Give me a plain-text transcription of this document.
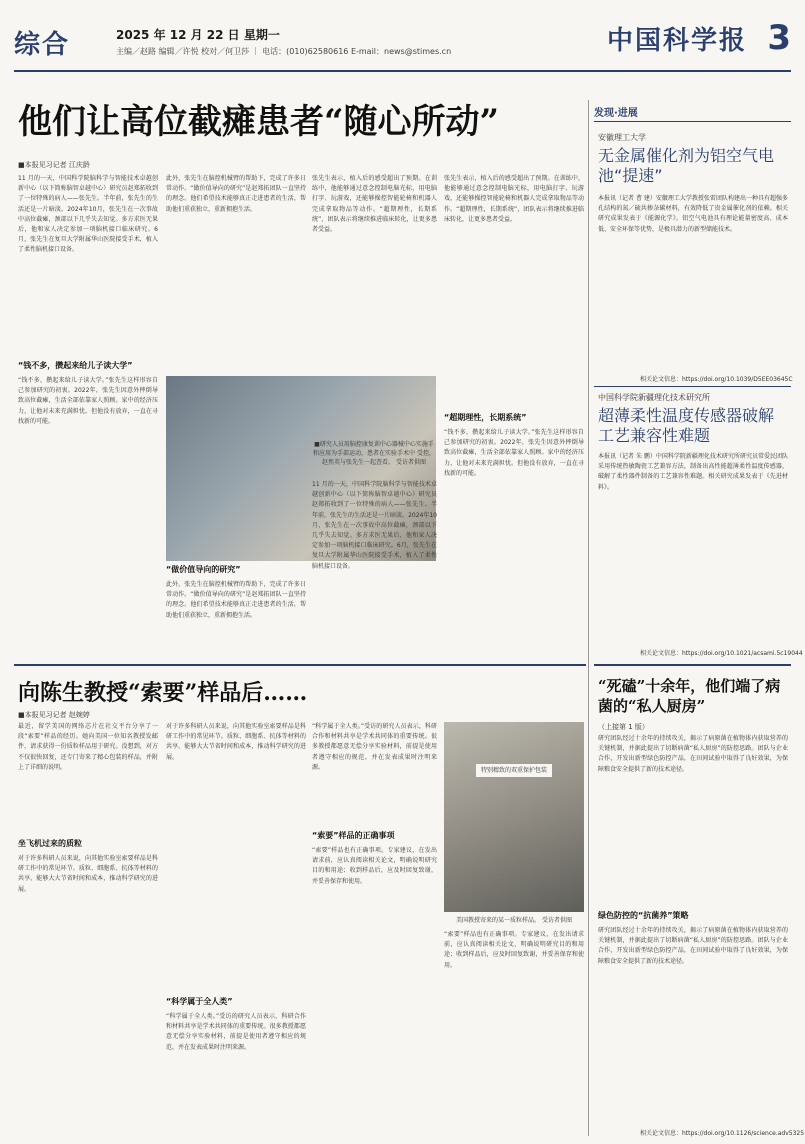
综合	2025 年 12 月 22 日 星期一
主编／赵路 编辑／许悦 校对／何卫莎 ｜ 电话：(010)62580616 E-mail：news@stimes.cn	中国科学报 3
他们让高位截瘫患者“随心所动”
■本报见习记者 江庆龄
11 月的一天，中国科学院脑科学与智能技术卓越创新中心（以下简称脑智卓越中心）研究员赵郑拓收到了一位特殊的病人——张先生。半年前，张先生的生活还是一片暗淡。2024年10月，张先生在一次事故中高位截瘫，颈部以下几乎失去知觉。多方求医无果后，他和家人决定参加一项脑机接口临床研究。6月，张先生在复旦大学附属华山医院接受手术，植入了柔性脑机接口设备。
“钱不多，攒起来给儿子读大学”
“钱不多，攒起来给儿子读大学。”张先生这样形容自己参加研究的初衷。2022年，张先生因意外摔倒导致高位截瘫，生活全部依靠家人照顾。家中的经济压力，让他对未来充满担忧。但他没有放弃，一直在寻找新的可能。
此外，张先生在脑控机械臂的帮助下，完成了许多日常动作。“做价值导向的研究”是赵郑拓团队一直坚持的理念。他们希望技术能够真正走进患者的生活，帮助他们重获独立，重新拥抱生活。
“做价值导向的研究”
此外，张先生在脑控机械臂的帮助下，完成了许多日常动作。“做价值导向的研究”是赵郑拓团队一直坚持的理念。他们希望技术能够真正走进患者的生活，帮助他们重获独立，重新拥抱生活。
■研究人员用脑控康复训中心器械中心实施手和应用为手部运动，患者在实验手术中 受控，赵然英与张先生一起查看。 受访者供图
张先生表示，植入后的感受超出了预期。在训练中，他能够通过意念控制电脑光标，用电脑打字、玩游戏，还能够操控智能轮椅和机器人完成拿取物品等动作。“超期理性，长期系统”，团队表示将继续推进临床转化，让更多患者受益。
11 月的一天，中国科学院脑科学与智能技术卓越创新中心（以下简称脑智卓越中心）研究员赵郑拓收到了一位特殊的病人——张先生。半年前，张先生的生活还是一片暗淡。2024年10月，张先生在一次事故中高位截瘫，颈部以下几乎失去知觉。多方求医无果后，他和家人决定参加一项脑机接口临床研究。6月，张先生在复旦大学附属华山医院接受手术，植入了柔性脑机接口设备。
张先生表示，植入后的感受超出了预期。在训练中，他能够通过意念控制电脑光标，用电脑打字、玩游戏，还能够操控智能轮椅和机器人完成拿取物品等动作。“超期理性，长期系统”，团队表示将继续推进临床转化，让更多患者受益。
“超期理性，长期系统”
“钱不多，攒起来给儿子读大学。”张先生这样形容自己参加研究的初衷。2022年，张先生因意外摔倒导致高位截瘫，生活全部依靠家人照顾。家中的经济压力，让他对未来充满担忧。但他没有放弃，一直在寻找新的可能。
向陈生教授“索要”样品后……
■本报见习记者 赵婉婷
最近，留学美国的网络芯片在社交平台分享了一段“索要”样品的经历。她向美国一位知名教授发邮件，请求获得一份质粒样品用于研究。没想到，对方不仅很快回复，还专门寄来了精心包装的样品，并附上了详细的说明。
坐飞机过来的质粒
对于许多科研人员来说，向其他实验室索要样品是科研工作中的常见环节。质粒、细胞系、抗体等材料的共享，能够大大节省时间和成本，推动科学研究的进展。
对于许多科研人员来说，向其他实验室索要样品是科研工作中的常见环节。质粒、细胞系、抗体等材料的共享，能够大大节省时间和成本，推动科学研究的进展。
“科学属于全人类”
“科学属于全人类。”受访的研究人员表示，科研合作和材料共享是学术共同体的重要传统。很多教授都愿意无偿分享实验材料，前提是使用者遵守相应的规范，并在发表成果时注明来源。
“科学属于全人类。”受访的研究人员表示，科研合作和材料共享是学术共同体的重要传统。很多教授都愿意无偿分享实验材料，前提是使用者遵守相应的规范，并在发表成果时注明来源。
“索要”样品的正确事项
“索要”样品也有正确事项。专家建议，在发出请求前，应认真阅读相关论文，明确说明研究目的和用途；收到样品后，应及时回复致谢，并妥善保存和使用。
特别精致的双重保护包装
美国教授寄来的某一质粒样品。 受访者供图
“索要”样品也有正确事项。专家建议，在发出请求前，应认真阅读相关论文，明确说明研究目的和用途；收到样品后，应及时回复致谢，并妥善保存和使用。
发现·进展
安徽理工大学
无金属催化剂为铝空气电池“提速”
本报讯（记者 曹 建）安徽理工大学教授张雷团队构建出一种具有超强多孔结构的氮／硫共掺杂碳材料，有效降低了贵金属催化剂的依赖。相关研究成果发表于《能源化学》。铝空气电池具有理论能量密度高、成本低、安全环保等优势，是极具潜力的新型储能技术。
相关论文信息：https://doi.org/10.1039/D5EE03645C
中国科学院新疆理化技术研究所
超薄柔性温度传感器破解工艺兼容性难题
本报讯（记者 朱 鹏）中国科学院新疆理化技术研究所研究员常爱民团队采用传统热敏陶瓷工艺兼容方法，制备出高性能超薄柔性温度传感器，破解了柔性器件制备的工艺兼容性难题。相关研究成果发表于《先进材料》。
相关论文信息：https://doi.org/10.1021/acsami.5c19044
“死磕”十余年，他们端了病菌的“私人厨房”
（上接第 1 版）
研究团队经过十余年的持续攻关，揭示了病原菌在植物体内获取营养的关键机制，并据此提出了切断病菌“私人厨房”的防控思路。团队与企业合作，开发出新型绿色防控产品，在田间试验中取得了良好效果，为保障粮食安全提供了新的技术途径。
绿色防控的“抗菌养”策略
研究团队经过十余年的持续攻关，揭示了病原菌在植物体内获取营养的关键机制，并据此提出了切断病菌“私人厨房”的防控思路。团队与企业合作，开发出新型绿色防控产品，在田间试验中取得了良好效果，为保障粮食安全提供了新的技术途径。
相关论文信息：https://doi.org/10.1126/science.adv5325
